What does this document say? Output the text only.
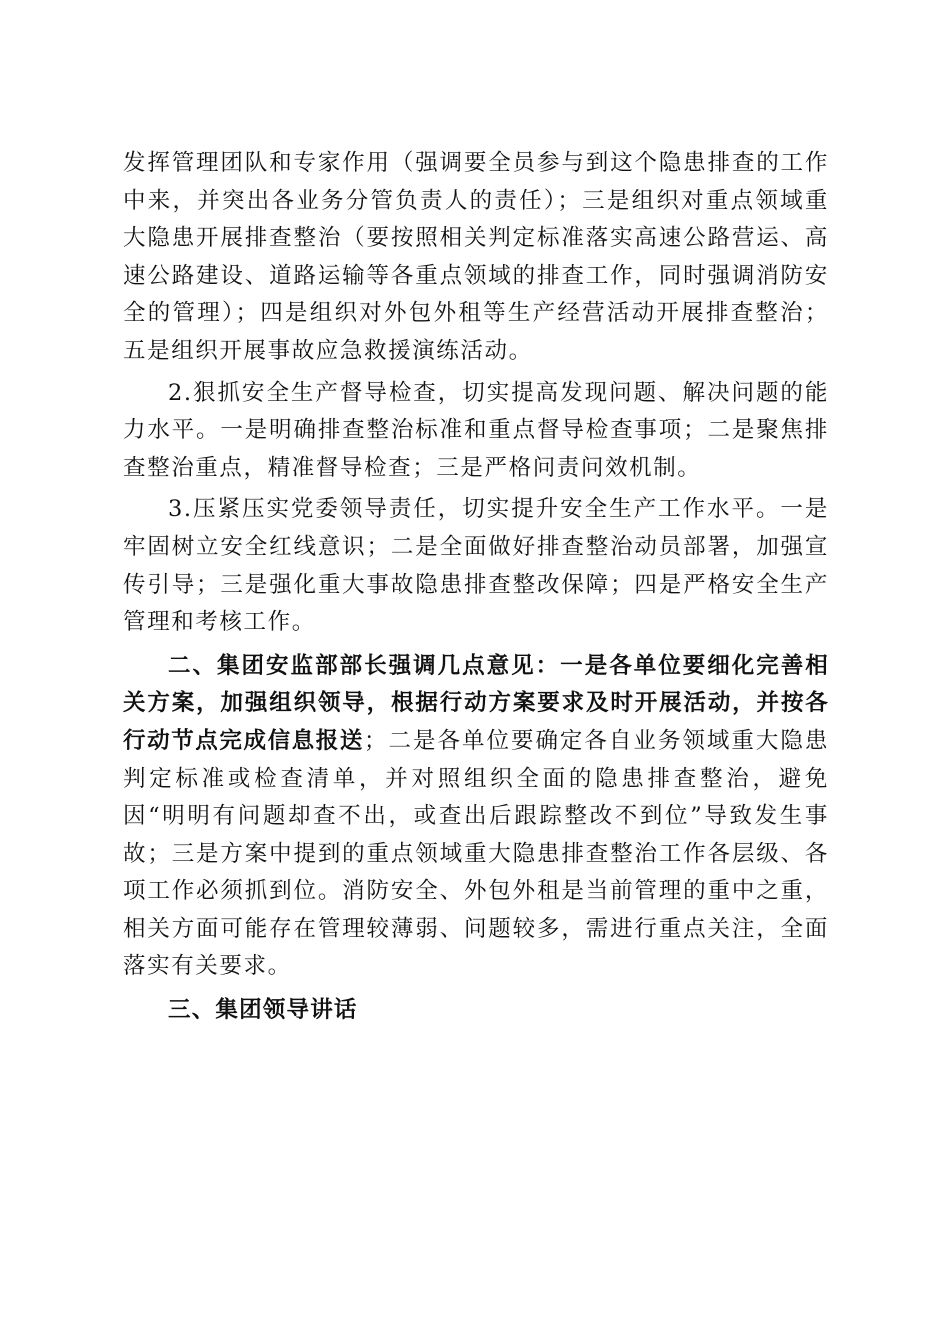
发挥管理团队和专家作用（强调要全员参与到这个隐患排查的工作中来，并突出各业务分管负责人的责任）；三是组织对重点领域重大隐患开展排查整治（要按照相关判定标准落实高速公路营运、高速公路建设、道路运输等各重点领域的排查工作，同时强调消防安全的管理）；四是组织对外包外租等生产经营活动开展排查整治；五是组织开展事故应急救援演练活动。

2.狠抓安全生产督导检查，切实提高发现问题、解决问题的能力水平。一是明确排查整治标准和重点督导检查事项；二是聚焦排查整治重点，精准督导检查；三是严格问责问效机制。

3.压紧压实党委领导责任，切实提升安全生产工作水平。一是牢固树立安全红线意识；二是全面做好排查整治动员部署，加强宣传引导；三是强化重大事故隐患排查整改保障；四是严格安全生产管理和考核工作。

二、集团安监部部长强调几点意见：一是各单位要细化完善相关方案，加强组织领导，根据行动方案要求及时开展活动，并按各行动节点完成信息报送；二是各单位要确定各自业务领域重大隐患判定标准或检查清单，并对照组织全面的隐患排查整治，避免因“明明有问题却查不出，或查出后跟踪整改不到位”导致发生事故；三是方案中提到的重点领域重大隐患排查整治工作各层级、各项工作必须抓到位。消防安全、外包外租是当前管理的重中之重，相关方面可能存在管理较薄弱、问题较多，需进行重点关注，全面落实有关要求。

三、集团领导讲话
